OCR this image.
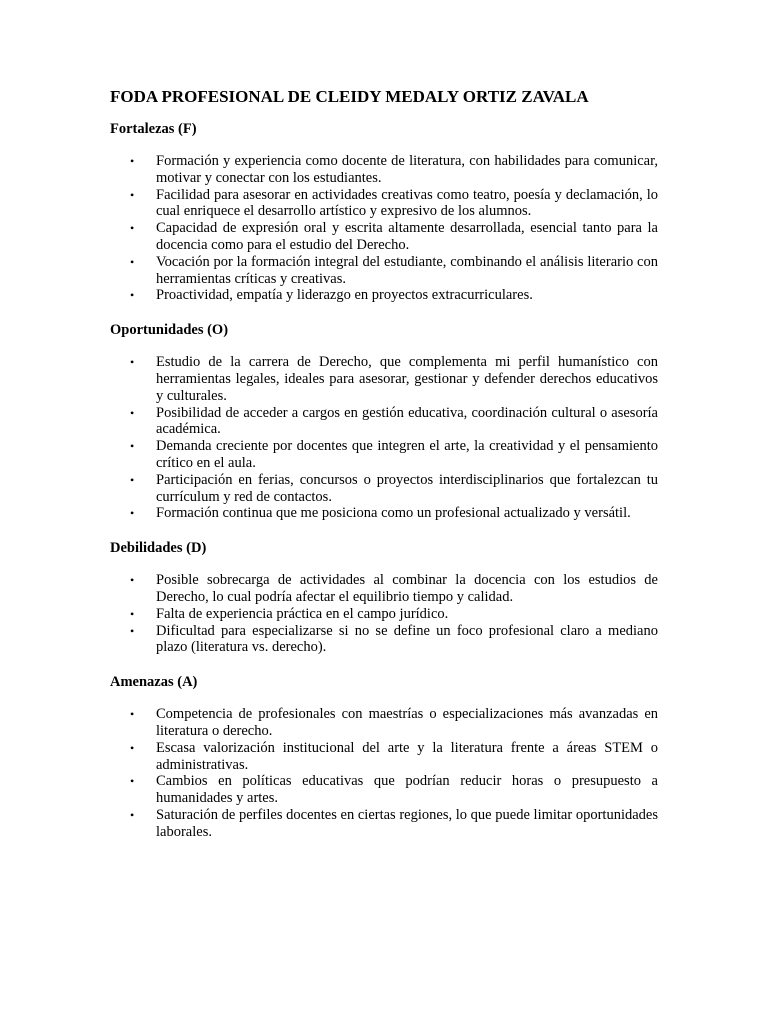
FODA PROFESIONAL DE CLEIDY MEDALY ORTIZ ZAVALA
Fortalezas (F)
• Formación y experiencia como docente de literatura, con habilidades para comunicar, motivar y conectar con los estudiantes.
• Facilidad para asesorar en actividades creativas como teatro, poesía y declamación, lo cual enriquece el desarrollo artístico y expresivo de los alumnos.
• Capacidad de expresión oral y escrita altamente desarrollada, esencial tanto para la docencia como para el estudio del Derecho.
• Vocación por la formación integral del estudiante, combinando el análisis literario con herramientas críticas y creativas.
• Proactividad, empatía y liderazgo en proyectos extracurriculares.
Oportunidades (O)
• Estudio de la carrera de Derecho, que complementa mi perfil humanístico con herramientas legales, ideales para asesorar, gestionar y defender derechos educativos y culturales.
• Posibilidad de acceder a cargos en gestión educativa, coordinación cultural o asesoría académica.
• Demanda creciente por docentes que integren el arte, la creatividad y el pensamiento crítico en el aula.
• Participación en ferias, concursos o proyectos interdisciplinarios que fortalezcan tu currículum y red de contactos.
• Formación continua que me posiciona como un profesional actualizado y versátil.
Debilidades (D)
• Posible sobrecarga de actividades al combinar la docencia con los estudios de Derecho, lo cual podría afectar el equilibrio tiempo y calidad.
• Falta de experiencia práctica en el campo jurídico.
• Dificultad para especializarse si no se define un foco profesional claro a mediano plazo (literatura vs. derecho).
Amenazas (A)
• Competencia de profesionales con maestrías o especializaciones más avanzadas en literatura o derecho.
• Escasa valorización institucional del arte y la literatura frente a áreas STEM o administrativas.
• Cambios en políticas educativas que podrían reducir horas o presupuesto a humanidades y artes.
• Saturación de perfiles docentes en ciertas regiones, lo que puede limitar oportunidades laborales.
